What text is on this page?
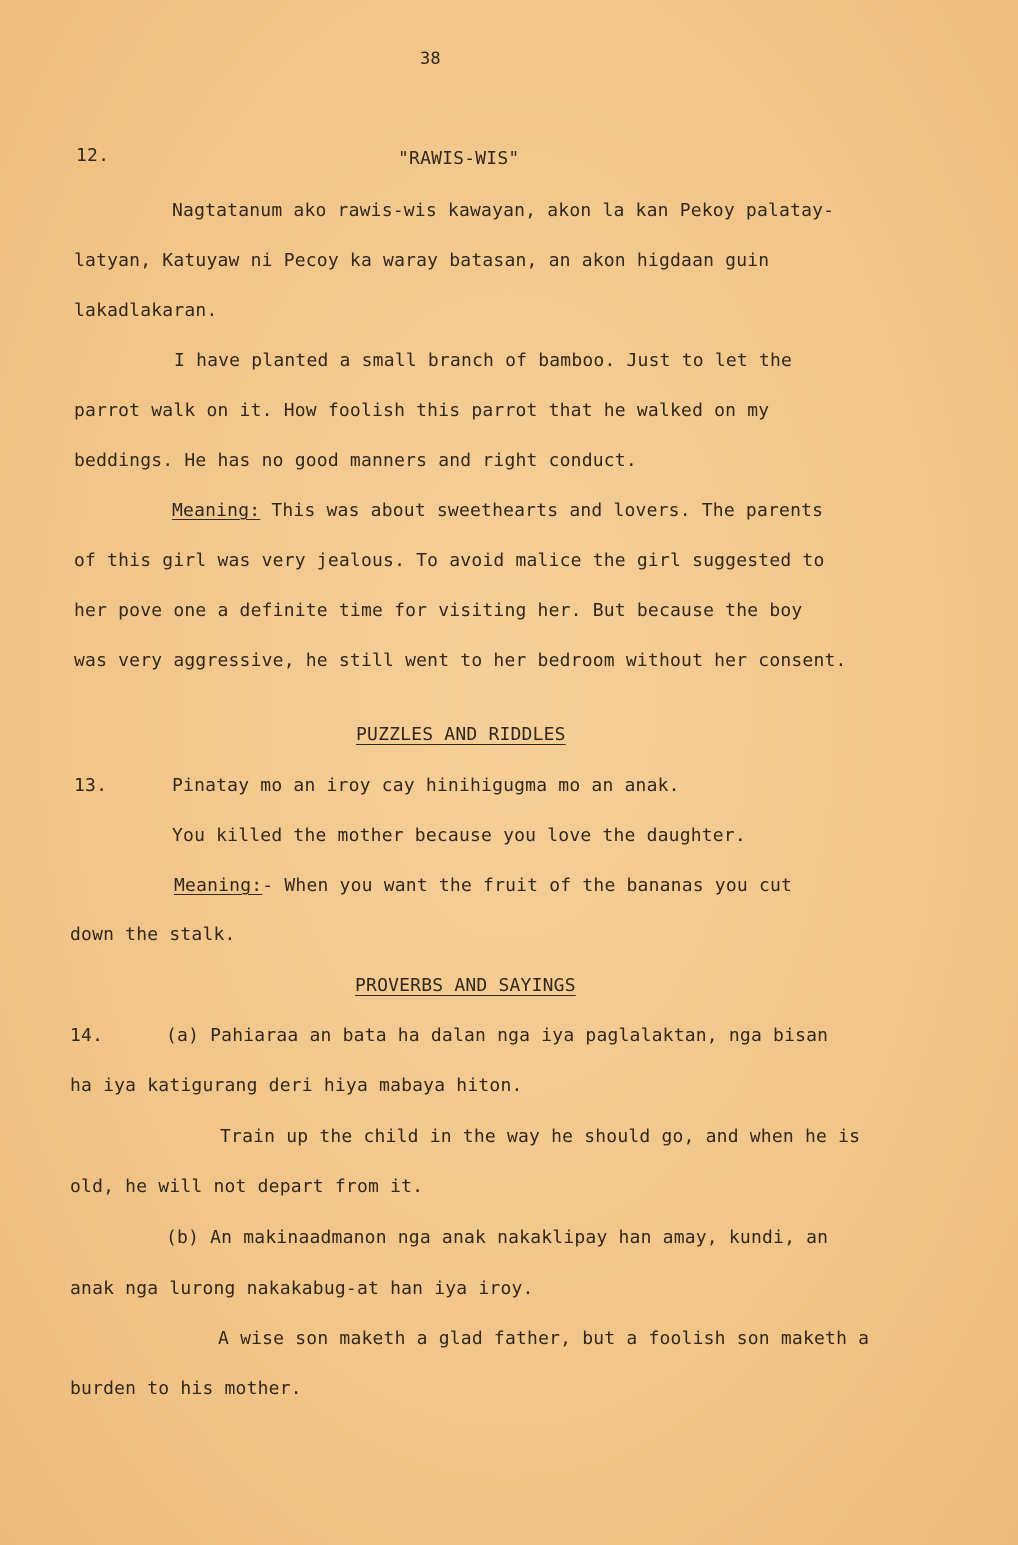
38
12.	"RAWIS-WIS"
Nagtatanum ako rawis-wis kawayan, akon la kan Pekoy palatay-
latyan, Katuyaw ni Pecoy ka waray batasan, an akon higdaan guin
lakadlakaran.
I have planted a small branch of bamboo. Just to let the
parrot walk on it. How foolish this parrot that he walked on my
beddings. He has no good manners and right conduct.
Meaning: This was about sweethearts and lovers. The parents
of this girl was very jealous. To avoid malice the girl suggested to
her pove one a definite time for visiting her. But because the boy
was very aggressive, he still went to her bedroom without her consent.
PUZZLES AND RIDDLES
13.	Pinatay mo an iroy cay hinihigugma mo an anak.
You killed the mother because you love the daughter.
Meaning:- When you want the fruit of the bananas you cut
down the stalk.
PROVERBS AND SAYINGS
14.	(a) Pahiaraa an bata ha dalan nga iya paglalaktan, nga bisan
ha iya katigurang deri hiya mabaya hiton.
Train up the child in the way he should go, and when he is
old, he will not depart from it.
(b) An makinaadmanon nga anak nakaklipay han amay, kundi, an
anak nga lurong nakakabug-at han iya iroy.
A wise son maketh a glad father, but a foolish son maketh a
burden to his mother.
